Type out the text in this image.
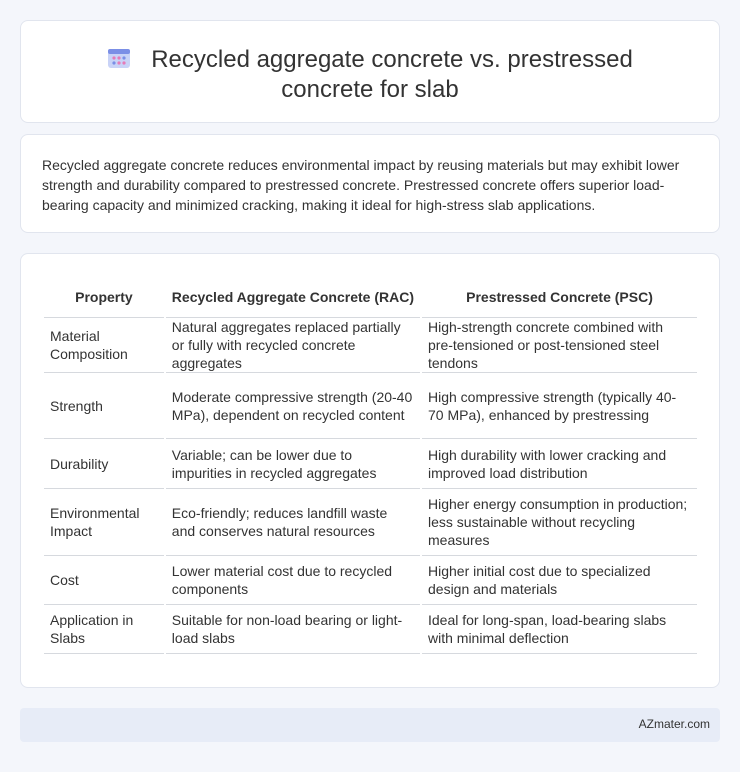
Recycled aggregate concrete vs. prestressed concrete for slab

Recycled aggregate concrete reduces environmental impact by reusing materials but may exhibit lower strength and durability compared to prestressed concrete. Prestressed concrete offers superior load-bearing capacity and minimized cracking, making it ideal for high-stress slab applications.

Property	Recycled Aggregate Concrete (RAC)	Prestressed Concrete (PSC)
Material Composition	Natural aggregates replaced partially or fully with recycled concrete aggregates	High-strength concrete combined with pre-tensioned or post-tensioned steel tendons
Strength	Moderate compressive strength (20-40 MPa), dependent on recycled content	High compressive strength (typically 40-70 MPa), enhanced by prestressing
Durability	Variable; can be lower due to impurities in recycled aggregates	High durability with lower cracking and improved load distribution
Environmental Impact	Eco-friendly; reduces landfill waste and conserves natural resources	Higher energy consumption in production; less sustainable without recycling measures
Cost	Lower material cost due to recycled components	Higher initial cost due to specialized design and materials
Application in Slabs	Suitable for non-load bearing or light-load slabs	Ideal for long-span, load-bearing slabs with minimal deflection
AZmater.com
